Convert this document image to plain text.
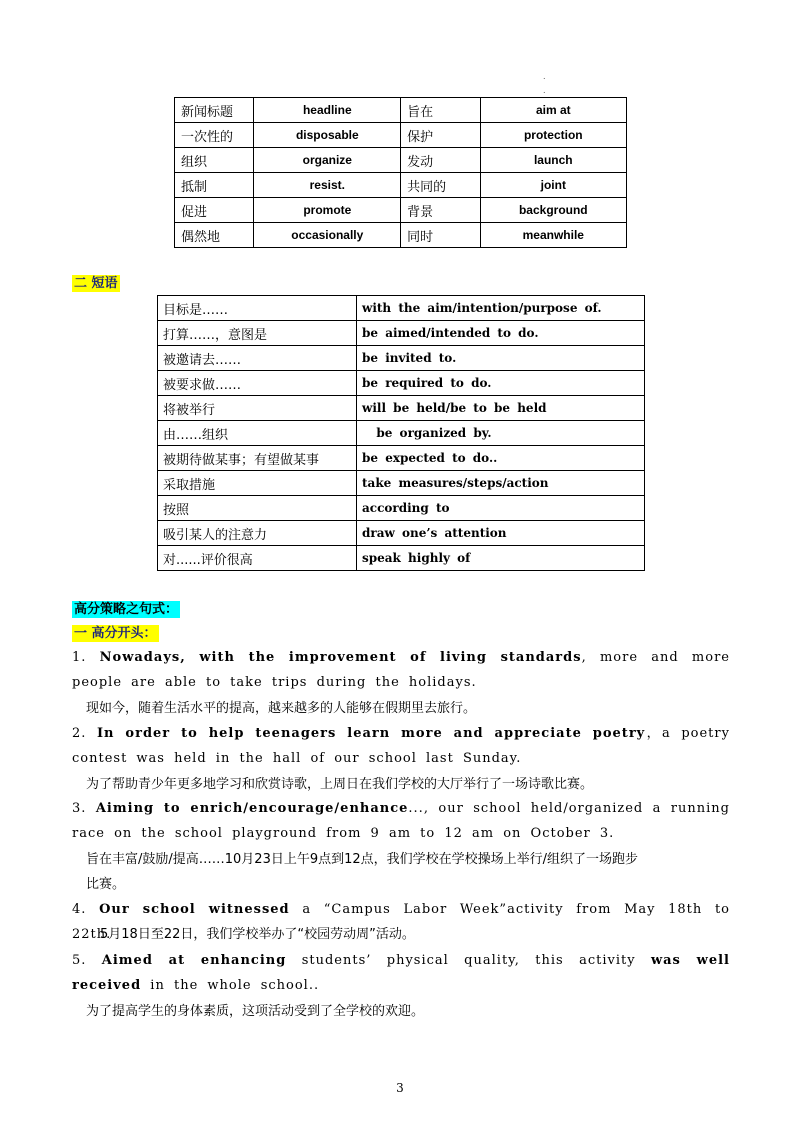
.
.
新闻标题	headline	旨在	aim at
一次性的	disposable	保护	protection
组织	organize	发动	launch
抵制	resist.	共同的	joint
促进	promote	背景	background
偶然地	occasionally	同时	meanwhile
二 短语
目标是……	with the aim/intention/purpose of.
打算……，意图是	be aimed/intended to do.
被邀请去……	be invited to.
被要求做……	be required to do.
将被举行	will be held/be to be held
由……组织	be organized by.
被期待做某事；有望做某事	be expected to do..
采取措施	take measures/steps/action
按照	according to
吸引某人的注意力	draw one’s attention
对......评价很高	speak highly of
高分策略之句式：
一 高分开头：
1. Nowadays, with the improvement of living standards, more and more people are able to take trips during the holidays.
现如今，随着生活水平的提高，越来越多的人能够在假期里去旅行。
2. In order to help teenagers learn more and appreciate poetry，a poetry contest was held in the hall of our school last Sunday.
为了帮助青少年更多地学习和欣赏诗歌，上周日在我们学校的大厅举行了一场诗歌比赛。
3. Aiming to enrich/encourage/enhance..., our school held/organized a running race on the school playground from 9 am to 12 am on October 3.
旨在丰富/鼓励/提高……10月23日上午9点到12点，我们学校在学校操场上举行/组织了一场跑步
比赛。
4. Our school witnessed a “Campus Labor Week”activity from May 18th to 22th.
5月18日至22日，我们学校举办了“校园劳动周”活动。
5. Aimed at enhancing students’ physical quality, this activity was well received in the whole school..
为了提高学生的身体素质，这项活动受到了全学校的欢迎。
3
